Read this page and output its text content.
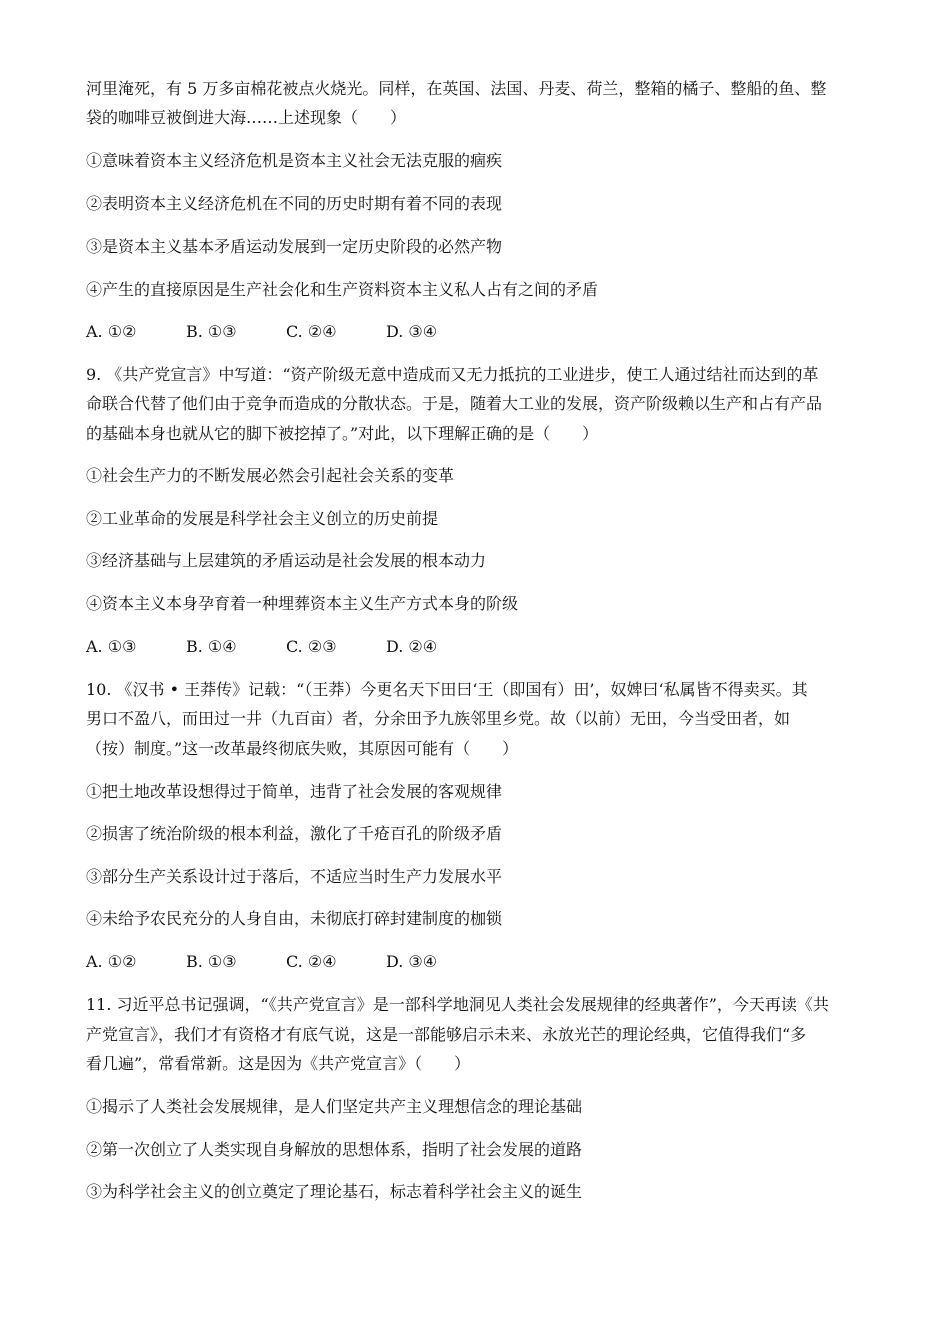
河里淹死，有 5 万多亩棉花被点火烧光。同样，在英国、法国、丹麦、荷兰，整箱的橘子、整船的鱼、整
袋的咖啡豆被倒进大海……上述现象（　　）
①意味着资本主义经济危机是资本主义社会无法克服的痼疾
②表明资本主义经济危机在不同的历史时期有着不同的表现
③是资本主义基本矛盾运动发展到一定历史阶段的必然产物
④产生的直接原因是生产社会化和生产资料资本主义私人占有之间的矛盾
A. ①②	B. ①③	C. ②④	D. ③④
9. 《共产党宣言》中写道：“资产阶级无意中造成而又无力抵抗的工业进步，使工人通过结社而达到的革
命联合代替了他们由于竞争而造成的分散状态。于是，随着大工业的发展，资产阶级赖以生产和占有产品
的基础本身也就从它的脚下被挖掉了。”对此，以下理解正确的是（　　）
①社会生产力的不断发展必然会引起社会关系的变革
②工业革命的发展是科学社会主义创立的历史前提
③经济基础与上层建筑的矛盾运动是社会发展的根本动力
④资本主义本身孕育着一种埋葬资本主义生产方式本身的阶级
A. ①③	B. ①④	C. ②③	D. ②④
10. 《汉书 • 王莽传》记载：“（王莽）今更名天下田曰‘王（即国有）田’，奴婢曰‘私属皆不得卖买。其
男口不盈八，而田过一井（九百亩）者，分余田予九族邻里乡党。故（以前）无田，今当受田者，如
（按）制度。”这一改革最终彻底失败，其原因可能有（　　）
①把土地改革设想得过于简单，违背了社会发展的客观规律
②损害了统治阶级的根本利益，激化了千疮百孔的阶级矛盾
③部分生产关系设计过于落后，不适应当时生产力发展水平
④未给予农民充分的人身自由，未彻底打碎封建制度的枷锁
A. ①②	B. ①③	C. ②④	D. ③④
11. 习近平总书记强调，“《共产党宣言》是一部科学地洞见人类社会发展规律的经典著作”，今天再读《共
产党宣言》，我们才有资格才有底气说，这是一部能够启示未来、永放光芒的理论经典，它值得我们“多
看几遍”，常看常新。这是因为《共产党宣言》（　　）
①揭示了人类社会发展规律，是人们坚定共产主义理想信念的理论基础
②第一次创立了人类实现自身解放的思想体系，指明了社会发展的道路
③为科学社会主义的创立奠定了理论基石，标志着科学社会主义的诞生
